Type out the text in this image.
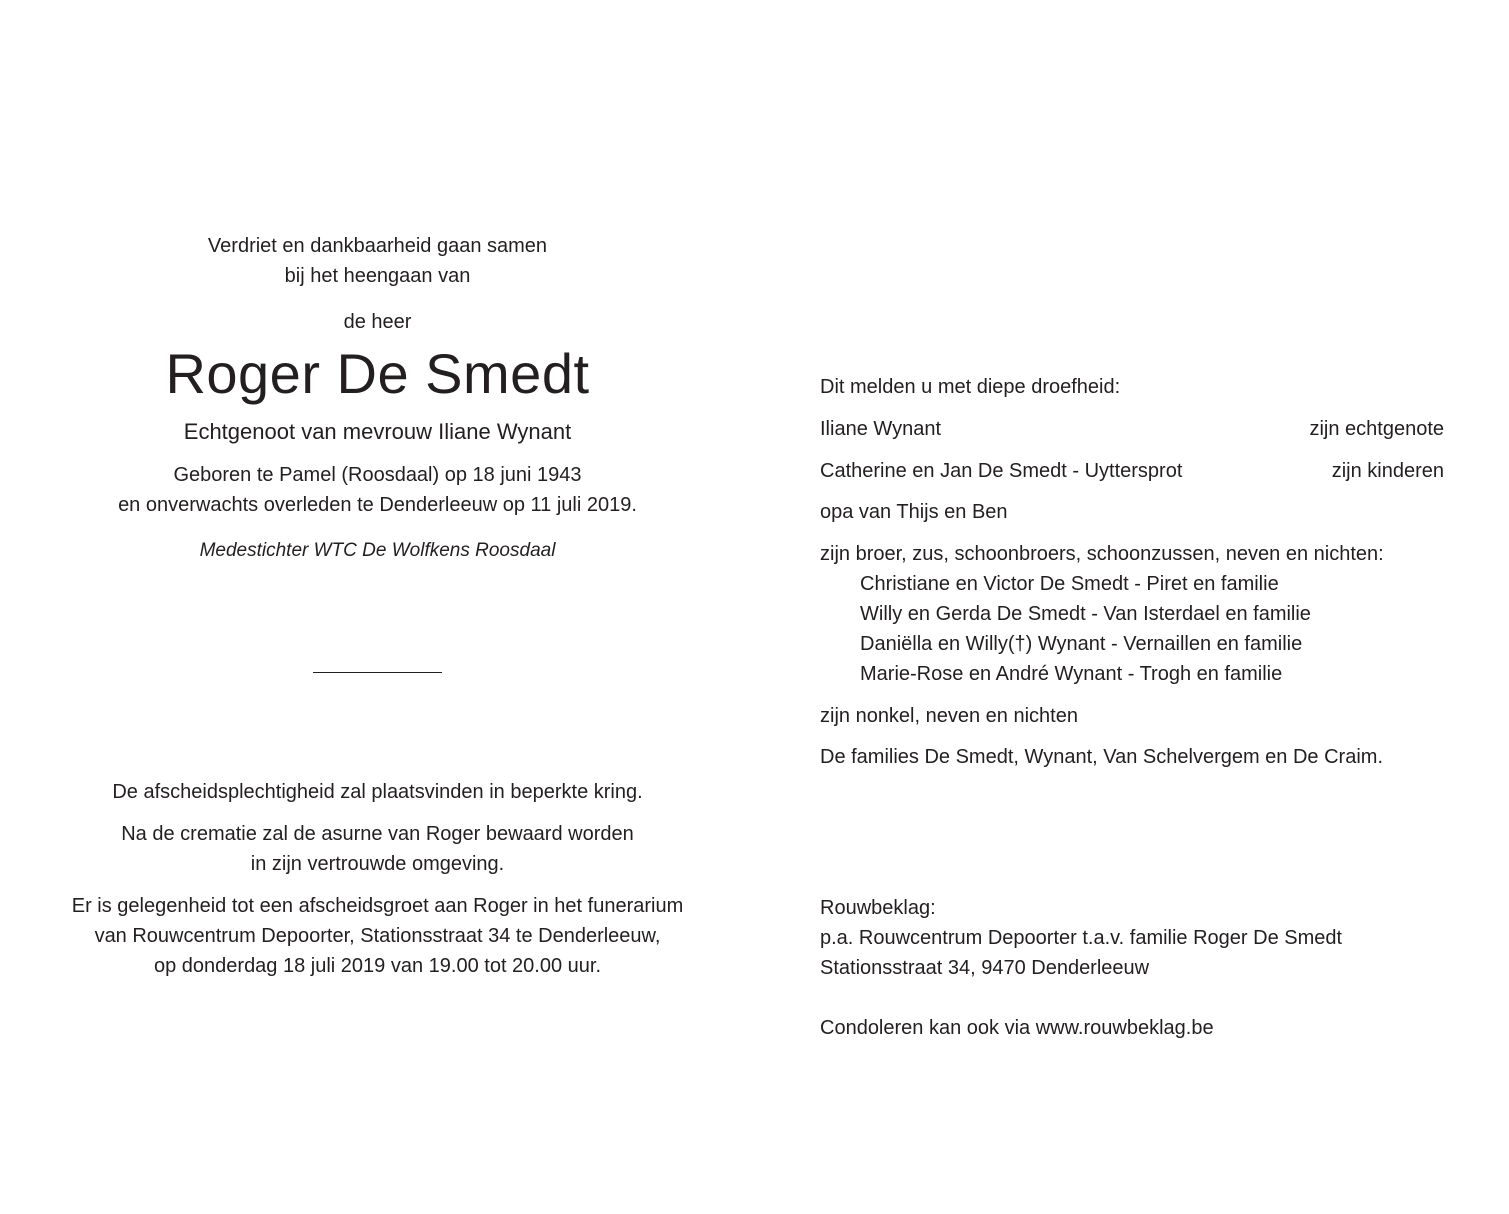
Verdriet en dankbaarheid gaan samen
bij het heengaan van
de heer
Roger De Smedt
Echtgenoot van mevrouw Iliane Wynant
Geboren te Pamel (Roosdaal) op 18 juni 1943
en onverwachts overleden te Denderleeuw op 11 juli 2019.
Medestichter WTC De Wolfkens Roosdaal
De afscheidsplechtigheid zal plaatsvinden in beperkte kring.
Na de crematie zal de asurne van Roger bewaard worden
in zijn vertrouwde omgeving.
Er is gelegenheid tot een afscheidsgroet aan Roger in het funerarium
van Rouwcentrum Depoorter, Stationsstraat 34 te Denderleeuw,
op donderdag 18 juli 2019 van 19.00 tot 20.00 uur.
Dit melden u met diepe droefheid:
Iliane Wynant	zijn echtgenote
Catherine en Jan De Smedt - Uyttersprot	zijn kinderen
opa van Thijs en Ben
zijn broer, zus, schoonbroers, schoonzussen, neven en nichten:
Christiane en Victor De Smedt - Piret en familie
Willy en Gerda De Smedt - Van Isterdael en familie
Daniëlla en Willy(†) Wynant - Vernaillen en familie
Marie-Rose en André Wynant - Trogh en familie
zijn nonkel, neven en nichten
De families De Smedt, Wynant, Van Schelvergem en De Craim.
Rouwbeklag:
p.a. Rouwcentrum Depoorter t.a.v. familie Roger De Smedt
Stationsstraat 34, 9470 Denderleeuw
Condoleren kan ook via www.rouwbeklag.be
